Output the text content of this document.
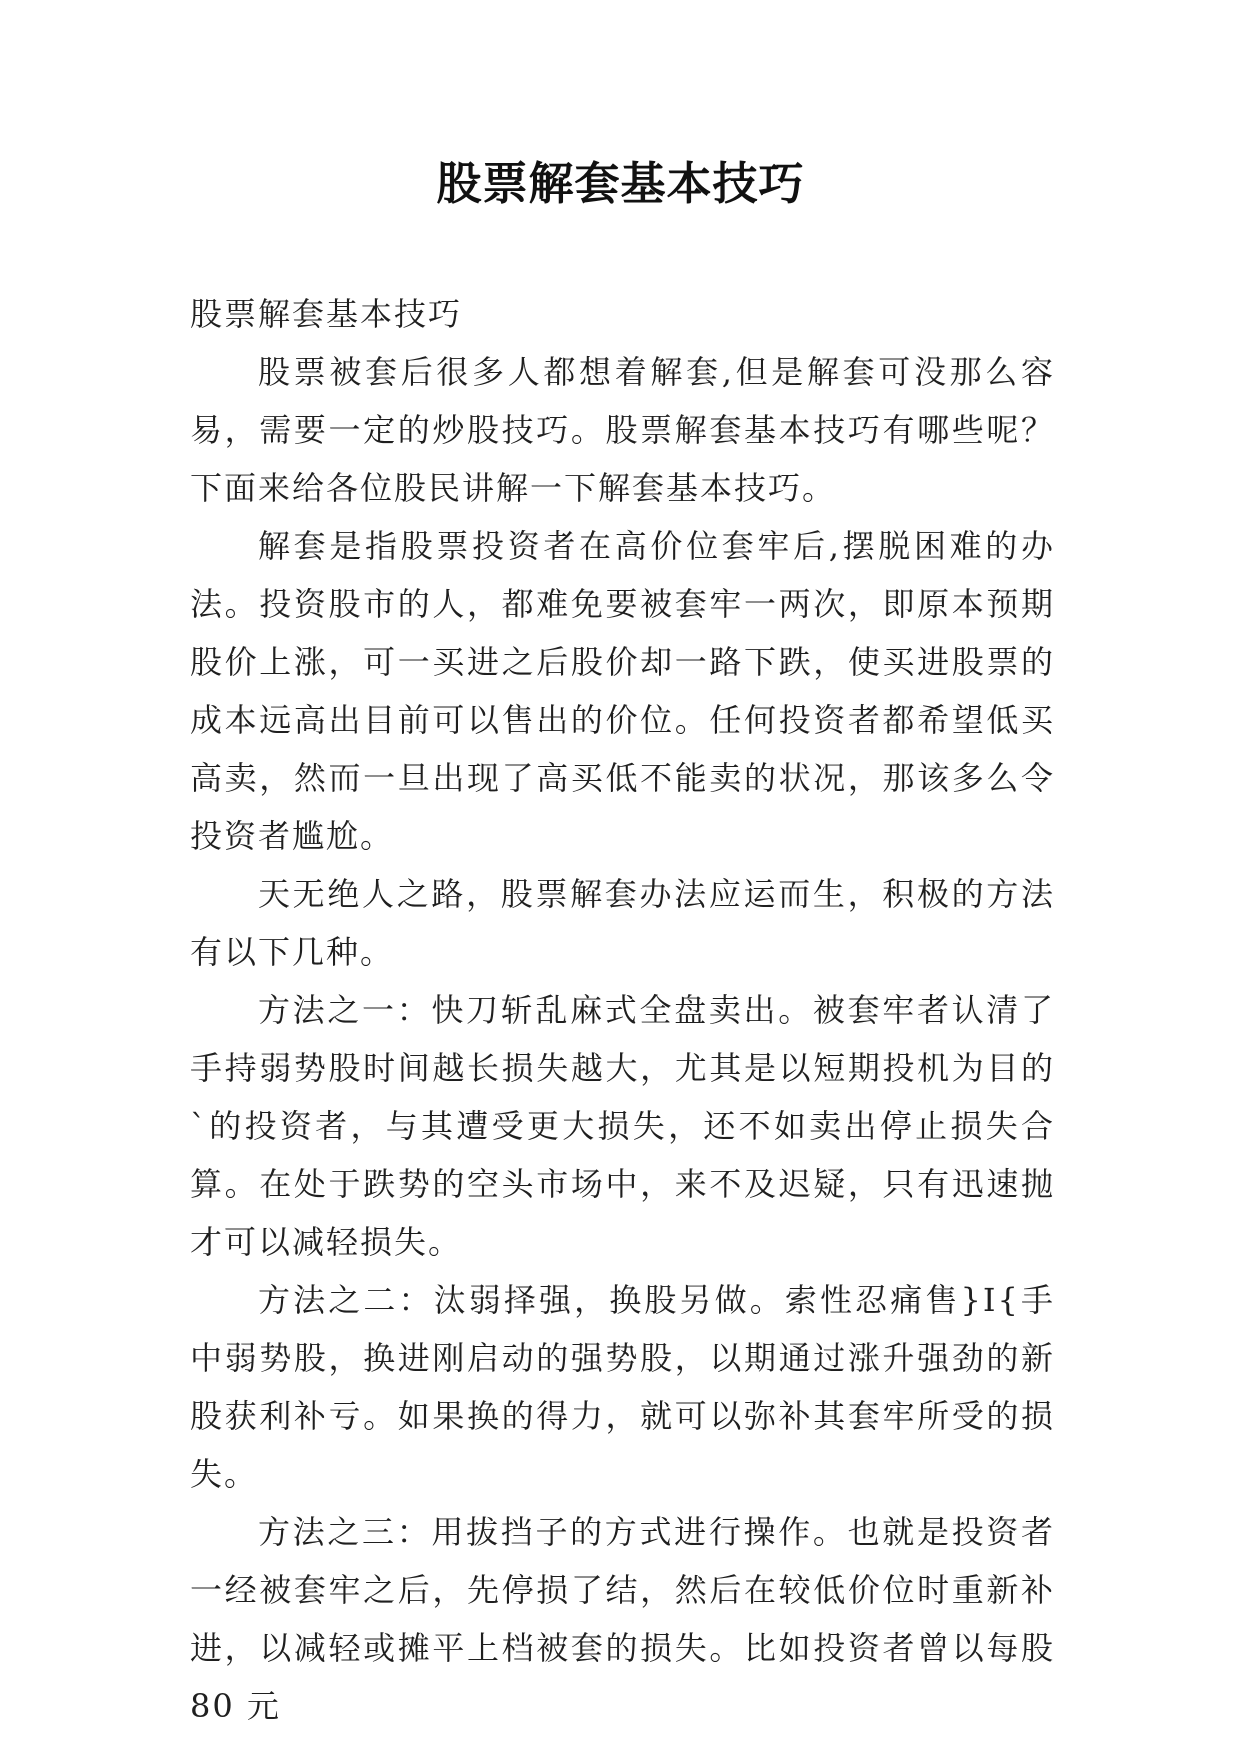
股票解套基本技巧

股票解套基本技巧

股票被套后很多人都想着解套,但是解套可没那么容易，需要一定的炒股技巧。股票解套基本技巧有哪些呢？下面来给各位股民讲解一下解套基本技巧。

解套是指股票投资者在高价位套牢后,摆脱困难的办法。投资股市的人，都难免要被套牢一两次，即原本预期股价上涨，可一买进之后股价却一路下跌，使买进股票的成本远高出目前可以售出的价位。任何投资者都希望低买高卖，然而一旦出现了高买低不能卖的状况，那该多么令投资者尴尬。

天无绝人之路，股票解套办法应运而生，积极的方法有以下几种。

方法之一：快刀斩乱麻式全盘卖出。被套牢者认清了手持弱势股时间越长损失越大，尤其是以短期投机为目的`的投资者，与其遭受更大损失，还不如卖出停止损失合算。在处于跌势的空头市场中，来不及迟疑，只有迅速抛才可以减轻损失。

方法之二：汰弱择强，换股另做。索性忍痛售}I{手中弱势股，换进刚启动的强势股，以期通过涨升强劲的新股获利补亏。如果换的得力，就可以弥补其套牢所受的损失。

方法之三：用拔挡子的方式进行操作。也就是投资者一经被套牢之后，先停损了结，然后在较低价位时重新补进，以减轻或摊平上档被套的损失。比如投资者曾以每股 80 元
